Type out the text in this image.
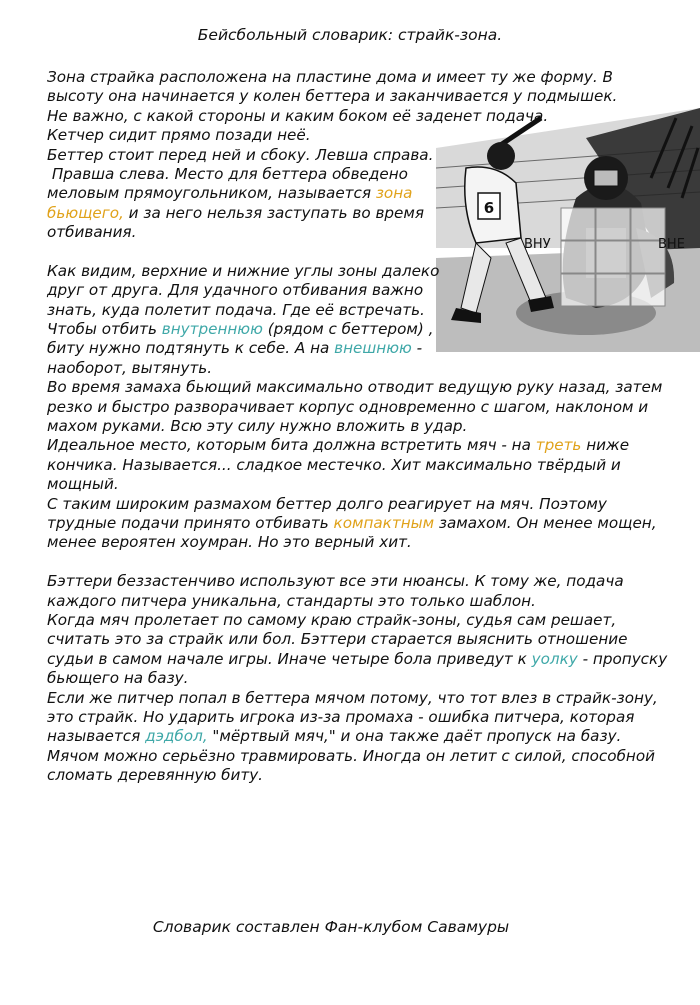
Бейсбольный словарик: страйк-зона.
6
ВНУ	ВНЕ
Зона страйка расположена на пластине дома и имеет ту же форму. В
высоту она начинается у колен беттера и заканчивается у подмышек.
Не важно, с какой стороны и каким боком её заденет подача.
Кетчер сидит прямо позади неё.
Беттер стоит перед ней и сбоку. Левша справа.
Правша слева. Место для беттера обведено
меловым прямоугольником, называется зона
бьющего, и за него нельзя заступать во время
отбивания.
Как видим, верхние и нижние углы зоны далеко
друг от друга. Для удачного отбивания важно
знать, куда полетит подача. Где её встречать.
Чтобы отбить внутреннюю (рядом с беттером) ,
биту нужно подтянуть к себе. А на внешнюю -
наоборот, вытянуть.
Во время замаха бьющий максимально отводит ведущую руку назад, затем
резко и быстро разворачивает корпус одновременно с шагом, наклоном и
махом руками. Всю эту силу нужно вложить в удар.
Идеальное место, которым бита должна встретить мяч - на треть ниже
кончика. Называется... сладкое местечко. Хит максимально твёрдый и
мощный.
С таким широким размахом беттер долго реагирует на мяч. Поэтому
трудные подачи принято отбивать компактным замахом. Он менее мощен,
менее вероятен хоумран. Но это верный хит.
Бэттери беззастенчиво используют все эти нюансы. К тому же, подача
каждого питчера уникальна, стандарты это только шаблон.
Когда мяч пролетает по самому краю страйк-зоны, судья сам решает,
считать это за страйк или бол. Бэттери старается выяснить отношение
судьи в самом начале игры. Иначе четыре бола приведут к уолку - пропуску
бьющего на базу.
Если же питчер попал в беттера мячом потому, что тот влез в страйк-зону,
это страйк. Но ударить игрока из-за промаха - ошибка питчера, которая
называется дэдбол, "мёртвый мяч," и она также даёт пропуск на базу.
Мячом можно серьёзно травмировать. Иногда он летит с силой, способной
сломать деревянную биту.
Словарик составлен Фан-клубом Савамуры
